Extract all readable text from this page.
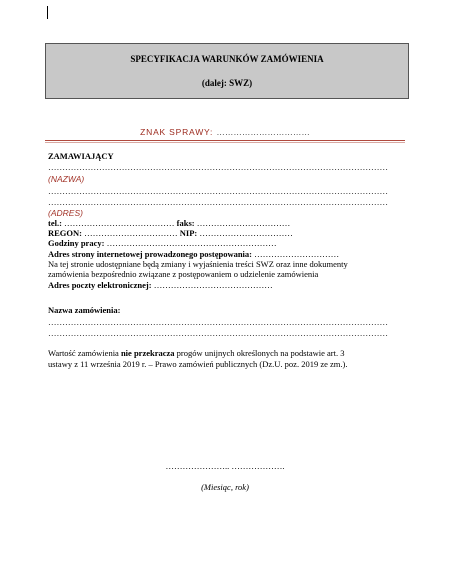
SPECYFIKACJA WARUNKÓW ZAMÓWIENIA
(dalej: SWZ)
ZNAK SPRAWY: ……………………………
ZAMAWIAJĄCY
…………………………………………………………………………………………………………
(NAZWA)
…………………………………………………………………………………………………………
…………………………………………………………………………………………………………
(ADRES)
tel.: ………………………………… faks: ……………………………
REGON: …………………………… NIP: ……………………………
Godziny pracy: ……………………………………………………
Adres strony internetowej prowadzonego postępowania: …………………………
Na tej stronie udostępniane będą zmiany i wyjaśnienia treści SWZ oraz inne dokumenty
zamówienia bezpośrednio związane z postępowaniem o udzielenie zamówienia
Adres poczty elektronicznej: ……………………………………
Nazwa zamówienia:
…………………………………………………………………………………………………………
…………………………………………………………………………………………………………
Wartość zamówienia nie przekracza progów unijnych określonych na podstawie art. 3
ustawy z 11 września 2019 r. – Prawo zamówień publicznych (Dz.U. poz. 2019 ze zm.).
………………….. ……………….
(Miesiąc, rok)
